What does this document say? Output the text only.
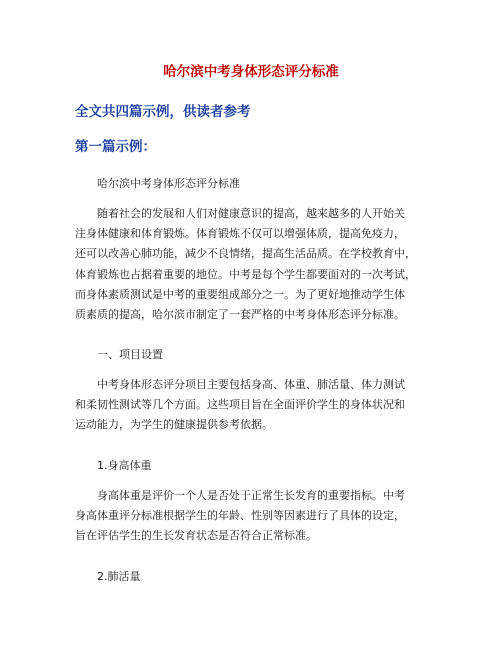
哈尔滨中考身体形态评分标准
全文共四篇示例，供读者参考
第一篇示例：

哈尔滨中考身体形态评分标准

随着社会的发展和人们对健康意识的提高，越来越多的人开始关
注身体健康和体育锻炼。体育锻炼不仅可以增强体质，提高免疫力，
还可以改善心肺功能，减少不良情绪，提高生活品质。在学校教育中，
体育锻炼也占据着重要的地位。中考是每个学生都要面对的一次考试，
而身体素质测试是中考的重要组成部分之一。为了更好地推动学生体
质素质的提高，哈尔滨市制定了一套严格的中考身体形态评分标准。

一、项目设置

中考身体形态评分项目主要包括身高、体重、肺活量、体力测试
和柔韧性测试等几个方面。这些项目旨在全面评价学生的身体状况和
运动能力，为学生的健康提供参考依据。

1.身高体重

身高体重是评价一个人是否处于正常生长发育的重要指标。中考
身高体重评分标准根据学生的年龄、性别等因素进行了具体的设定，
旨在评估学生的生长发育状态是否符合正常标准。

2.肺活量
